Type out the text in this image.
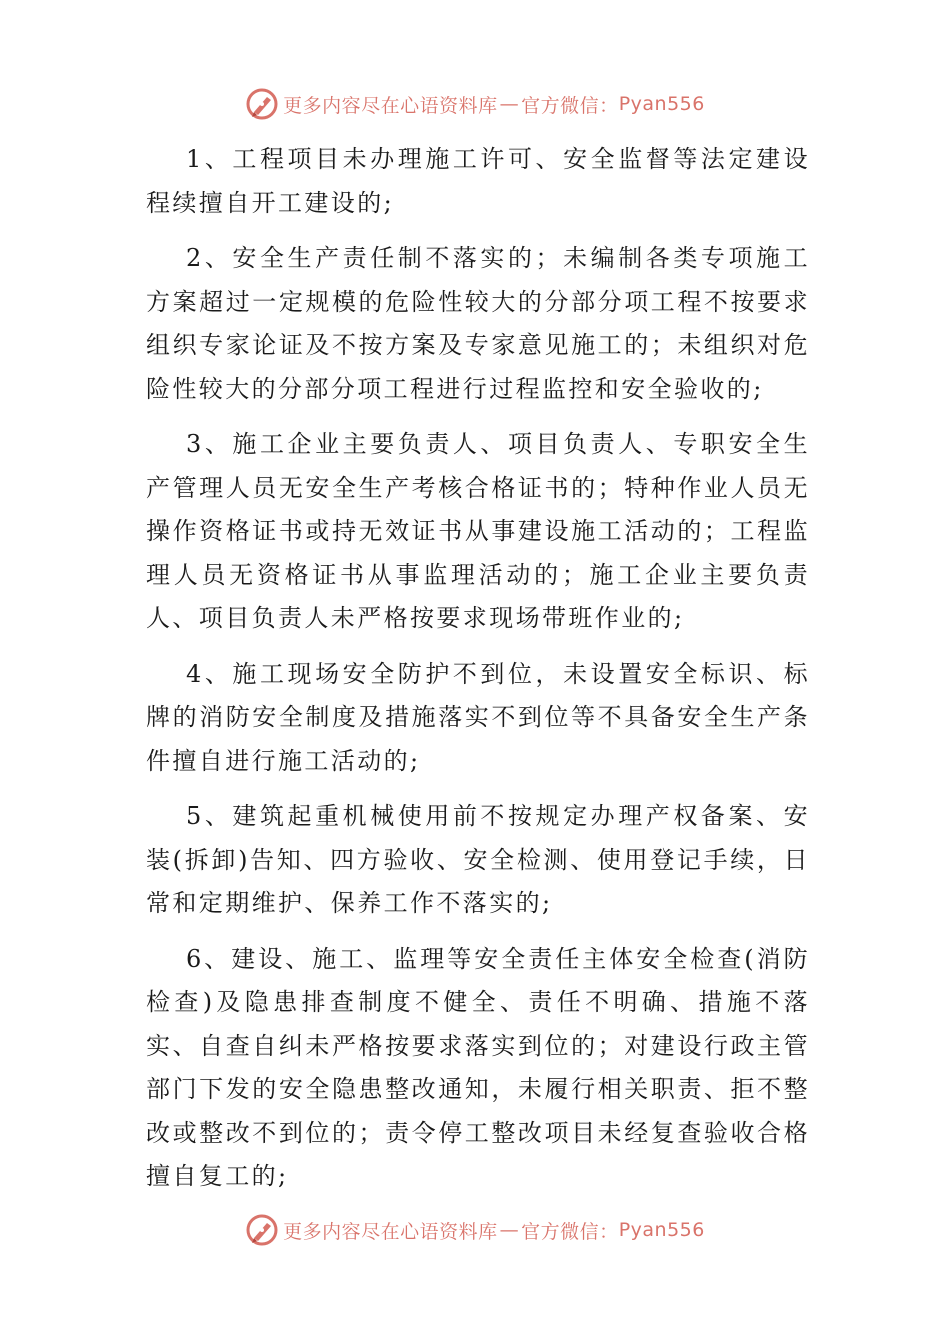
更多内容尽在心语资料库 — 官方微信： Pyan556

1、工程项目未办理施工许可、安全监督等法定建设程续擅自开工建设的;

2、安全生产责任制不落实的；未编制各类专项施工方案超过一定规模的危险性较大的分部分项工程不按要求组织专家论证及不按方案及专家意见施工的；未组织对危险性较大的分部分项工程进行过程监控和安全验收的;

3、施工企业主要负责人、项目负责人、专职安全生产管理人员无安全生产考核合格证书的；特种作业人员无操作资格证书或持无效证书从事建设施工活动的；工程监理人员无资格证书从事监理活动的；施工企业主要负责人、项目负责人未严格按要求现场带班作业的;

4、施工现场安全防护不到位，未设置安全标识、标牌的消防安全制度及措施落实不到位等不具备安全生产条件擅自进行施工活动的;

5、建筑起重机械使用前不按规定办理产权备案、安装(拆卸)告知、四方验收、安全检测、使用登记手续，日常和定期维护、保养工作不落实的;

6、建设、施工、监理等安全责任主体安全检查(消防检查)及隐患排查制度不健全、责任不明确、措施不落实、自查自纠未严格按要求落实到位的；对建设行政主管部门下发的安全隐患整改通知，未履行相关职责、拒不整改或整改不到位的；责令停工整改项目未经复查验收合格擅自复工的;

更多内容尽在心语资料库 — 官方微信： Pyan556
